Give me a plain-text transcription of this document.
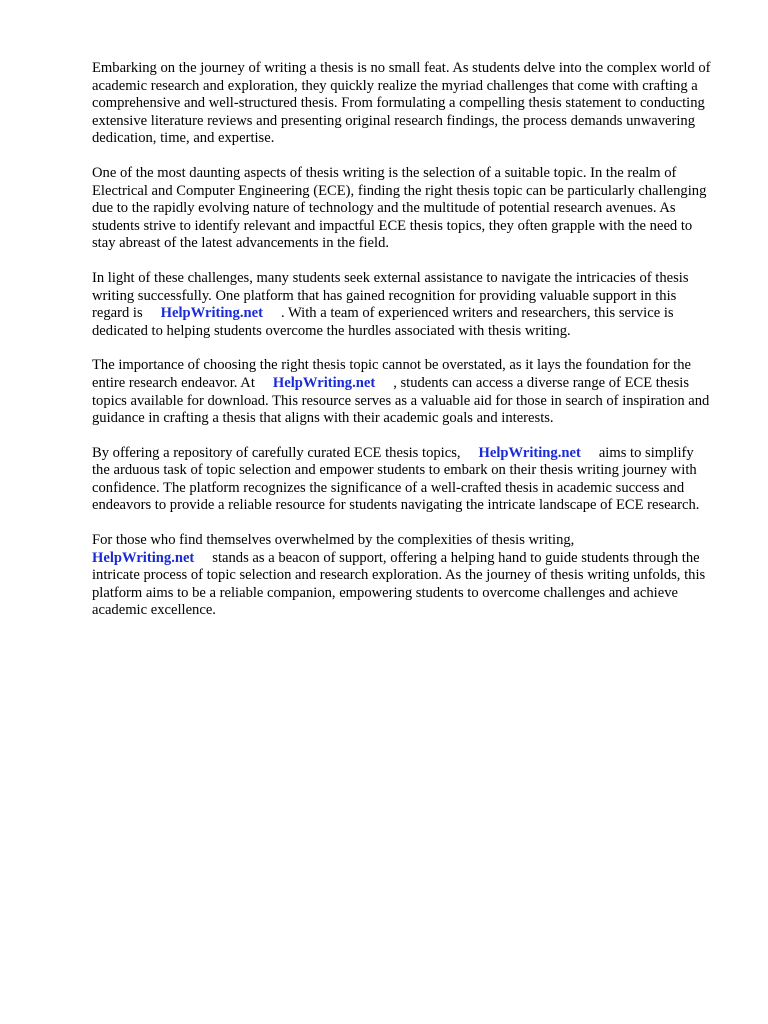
Embarking on the journey of writing a thesis is no small feat. As students delve into the complex world of academic research and exploration, they quickly realize the myriad challenges that come with crafting a comprehensive and well-structured thesis. From formulating a compelling thesis statement to conducting extensive literature reviews and presenting original research findings, the process demands unwavering dedication, time, and expertise.

One of the most daunting aspects of thesis writing is the selection of a suitable topic. In the realm of Electrical and Computer Engineering (ECE), finding the right thesis topic can be particularly challenging due to the rapidly evolving nature of technology and the multitude of potential research avenues. As students strive to identify relevant and impactful ECE thesis topics, they often grapple with the need to stay abreast of the latest advancements in the field.

In light of these challenges, many students seek external assistance to navigate the intricacies of thesis writing successfully. One platform that has gained recognition for providing valuable support in this regard is HelpWriting.net . With a team of experienced writers and researchers, this service is dedicated to helping students overcome the hurdles associated with thesis writing.

The importance of choosing the right thesis topic cannot be overstated, as it lays the foundation for the entire research endeavor. At HelpWriting.net , students can access a diverse range of ECE thesis topics available for download. This resource serves as a valuable aid for those in search of inspiration and guidance in crafting a thesis that aligns with their academic goals and interests.

By offering a repository of carefully curated ECE thesis topics, HelpWriting.net aims to simplify the arduous task of topic selection and empower students to embark on their thesis writing journey with confidence. The platform recognizes the significance of a well-crafted thesis in academic success and endeavors to provide a reliable resource for students navigating the intricate landscape of ECE research.

For those who find themselves overwhelmed by the complexities of thesis writing,
HelpWriting.net stands as a beacon of support, offering a helping hand to guide students through the intricate process of topic selection and research exploration. As the journey of thesis writing unfolds, this platform aims to be a reliable companion, empowering students to overcome challenges and achieve academic excellence.
